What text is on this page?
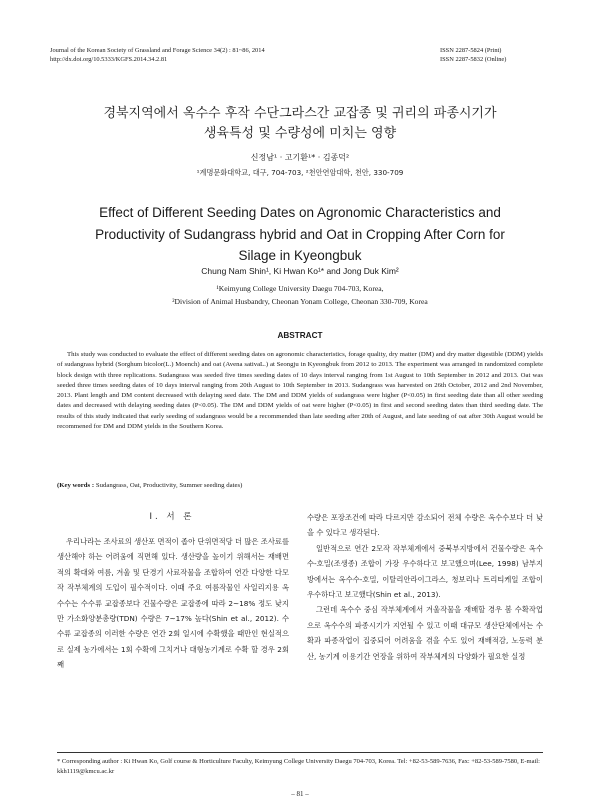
Journal of the Korean Society of Grassland and Forage Science 34(2) : 81~86, 2014
http://dx.doi.org/10.5333/KGFS.2014.34.2.81
ISSN 2287-5824 (Print)
ISSN 2287-5832 (Online)
경북지역에서 옥수수 후작 수단그라스간 교잡종 및 귀리의 파종시기가
생육특성 및 수량성에 미치는 영향
신정남¹ · 고기환¹* · 김종덕²
¹계명문화대학교, 대구, 704-703, ²천안연암대학, 천안, 330-709
Effect of Different Seeding Dates on Agronomic Characteristics and
Productivity of Sudangrass hybrid and Oat in Cropping After Corn for
Silage in Kyeongbuk
Chung Nam Shin¹, Ki Hwan Ko¹* and Jong Duk Kim²
¹Keimyung College University Daegu 704-703, Korea,
²Division of Animal Husbandry, Cheonan Yonam College, Cheonan 330-709, Korea
ABSTRACT

This study was conducted to evaluate the effect of different seeding dates on agronomic characteristics, forage quality, dry matter (DM) and dry matter digestible (DDM) yields of sudangrass hybrid (Sorghum bicolor(L.) Moench) and oat (Avena sativaL.) at Seongju in Kyeongbuk from 2012 to 2013. The experiment was arranged in randomized complete block design with three replications. Sudangrass was seeded five times seeding dates of 10 days interval ranging from 1st August to 10th September in 2012 and 2013. Oat was seeded three times seeding dates of 10 days interval ranging from 20th August to 10th September in 2013. Sudangrass was harvested on 26th October, 2012 and 2nd November, 2013. Plant length and DM content decreased with delaying seed date. The DM and DDM yields of sudangrass were higher (P<0.05) in first seeding date than all other seeding dates and decreased with delaying seeding dates (P<0.05). The DM and DDM yields of oat were higher (P<0.05) in first and second seeding dates than third seeding date. The results of this study indicated that early seeding of sudangrass would be a recommended than late seeding after 20th of August, and late seeding of oat after 30th August would be recommened for DM and DDM yields in the Southern Korea.

(Key words : Sudangrass, Oat, Productivity, Summer seeding dates)
Ⅰ. 서 론

우리나라는 조사료의 생산포 면적이 좁아 단위면적당 더 많은 조사료를 생산해야 하는 어려움에 직면해 있다. 생산량을 높이기 위해서는 재배면적의 확대와 여름, 겨울 및 단경기 사료작물을 조합하여 연간 다양한 다모작 작부체계의 도입이 필수적이다. 이때 주요 여름작물인 사일리지용 옥수수는 수수류 교잡종보다 건물수량은 교잡종에 따라 2~18% 정도 낮지만 가소화양분총량(TDN) 수량은 7~17% 높다(Shin et al., 2012). 수수류 교잡종의 이러한 수량은 연간 2회 일시에 수확했을 때만인 현실적으로 실제 농가에서는 1회 수확에 그치거나 대형농기계로 수확 할 경우 2회째

수량은 포장조건에 따라 다르지만 감소되어 전체 수량은 옥수수보다 더 낮을 수 있다고 생각된다.

일반적으로 연간 2모작 작부체계에서 중북부지방에서 건물수량은 옥수수-호밀(조생종) 조합이 가장 우수하다고 보고했으며(Lee, 1998) 남부지방에서는 옥수수-호밀, 이탈리안라이그라스, 청보리나 트리티케일 조합이 우수하다고 보고했다(Shin et al., 2013).

그런데 옥수수 중심 작부체계에서 겨울작물을 재배할 경우 봄 수확작업으로 옥수수의 파종시기가 지연될 수 있고 이때 대규모 생산단체에서는 수확과 파종작업이 집중되어 어려움을 겪을 수도 있어 재배적감, 노동력 분산, 농기계 이용기간 연장을 위하여 작부체계의 다양화가 필요한 실정

* Corresponding author : Ki Hwan Ko, Golf course & Horticulture Faculty, Keimyung College University Daegu 704-703, Korea. Tel: +82-53-589-7636, Fax: +82-53-589-7580, E-mail: kkh1119@kmcu.ac.kr
– 81 –
